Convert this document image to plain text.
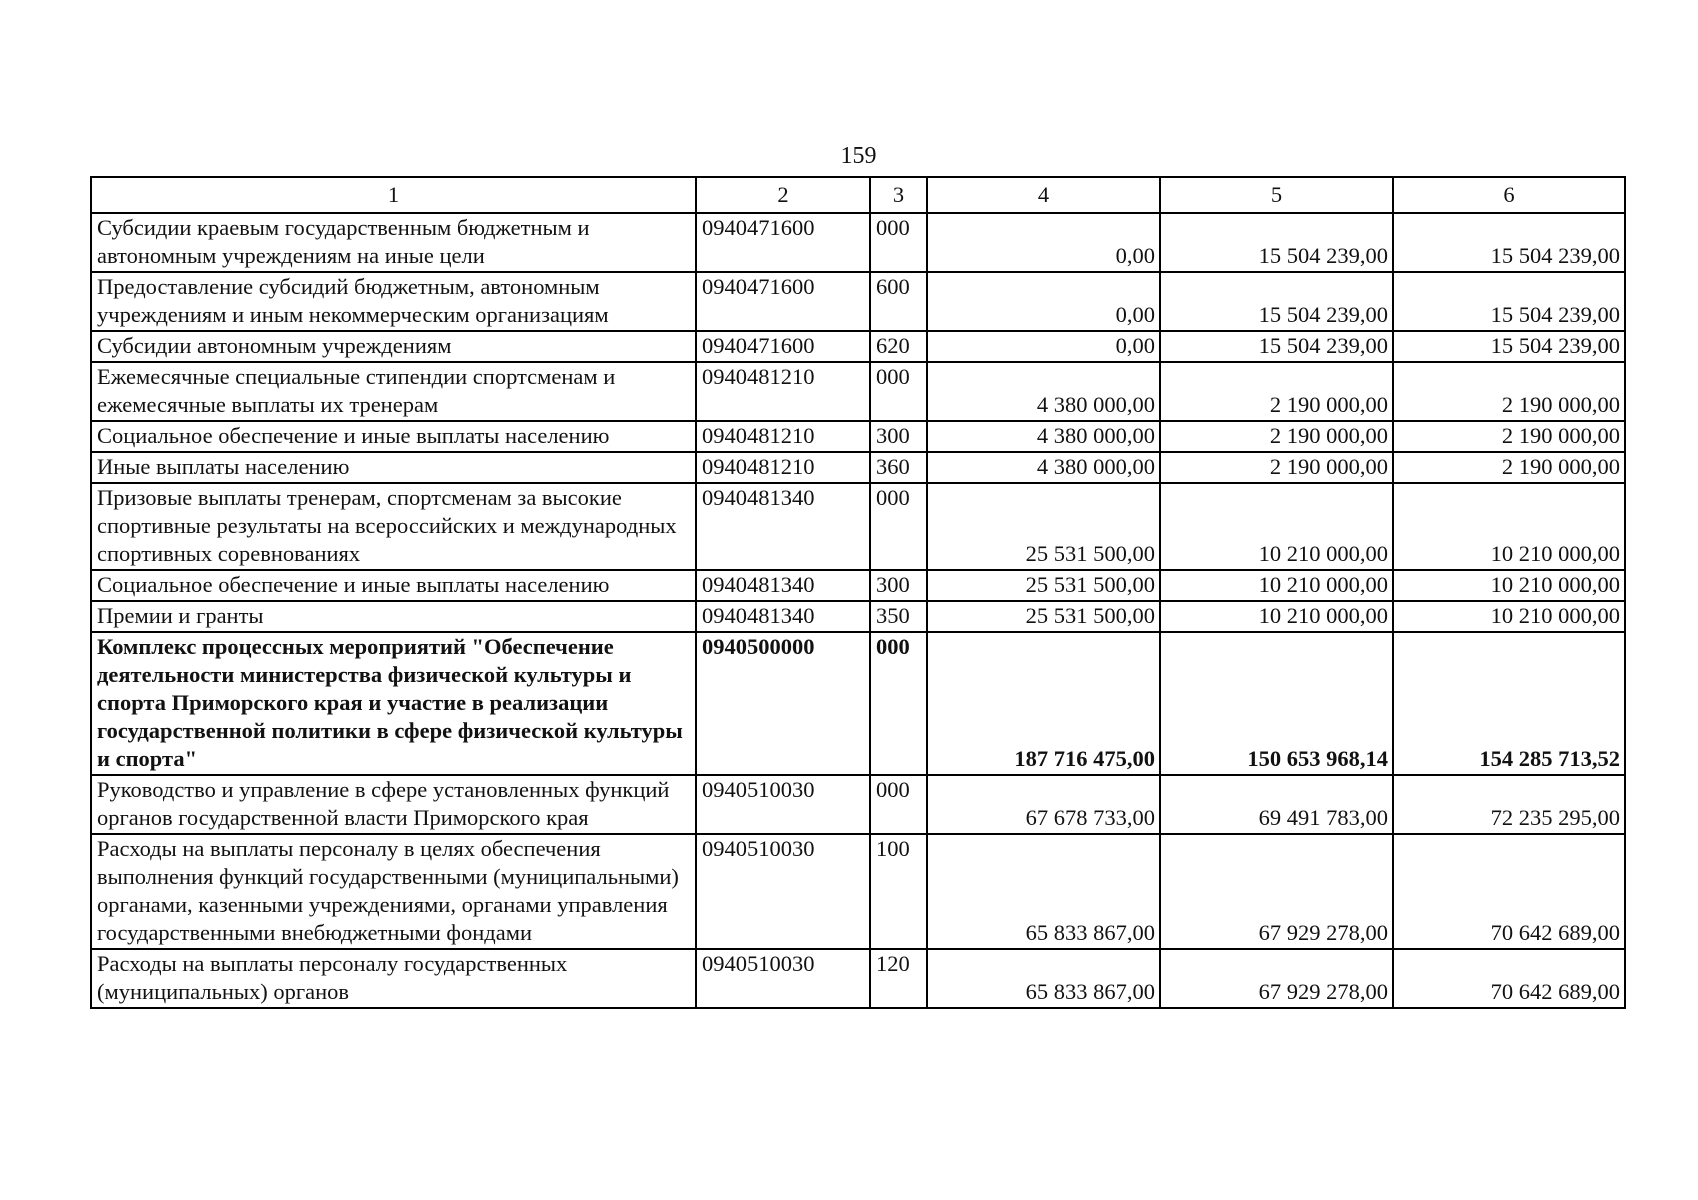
159
1	2	3	4	5	6
Субсидии краевым государственным бюджетным и автономным учреждениям на иные цели	0940471600	000	0,00	15 504 239,00	15 504 239,00
Предоставление субсидий бюджетным, автономным учреждениям и иным некоммерческим организациям	0940471600	600	0,00	15 504 239,00	15 504 239,00
Субсидии автономным учреждениям	0940471600	620	0,00	15 504 239,00	15 504 239,00
Ежемесячные специальные стипендии спортсменам и ежемесячные выплаты их тренерам	0940481210	000	4 380 000,00	2 190 000,00	2 190 000,00
Социальное обеспечение и иные выплаты населению	0940481210	300	4 380 000,00	2 190 000,00	2 190 000,00
Иные выплаты населению	0940481210	360	4 380 000,00	2 190 000,00	2 190 000,00
Призовые выплаты тренерам, спортсменам за высокие спортивные результаты на всероссийских и международных спортивных соревнованиях	0940481340	000	25 531 500,00	10 210 000,00	10 210 000,00
Социальное обеспечение и иные выплаты населению	0940481340	300	25 531 500,00	10 210 000,00	10 210 000,00
Премии и гранты	0940481340	350	25 531 500,00	10 210 000,00	10 210 000,00
Комплекс процессных мероприятий "Обеспечение деятельности министерства физической культуры и спорта Приморского края и участие в реализации государственной политики в сфере физической культуры и спорта"	0940500000	000	187 716 475,00	150 653 968,14	154 285 713,52
Руководство и управление в сфере установленных функций органов государственной власти Приморского края	0940510030	000	67 678 733,00	69 491 783,00	72 235 295,00
Расходы на выплаты персоналу в целях обеспечения выполнения функций государственными (муниципальными) органами, казенными учреждениями, органами управления государственными внебюджетными фондами	0940510030	100	65 833 867,00	67 929 278,00	70 642 689,00
Расходы на выплаты персоналу государственных (муниципальных) органов	0940510030	120	65 833 867,00	67 929 278,00	70 642 689,00
